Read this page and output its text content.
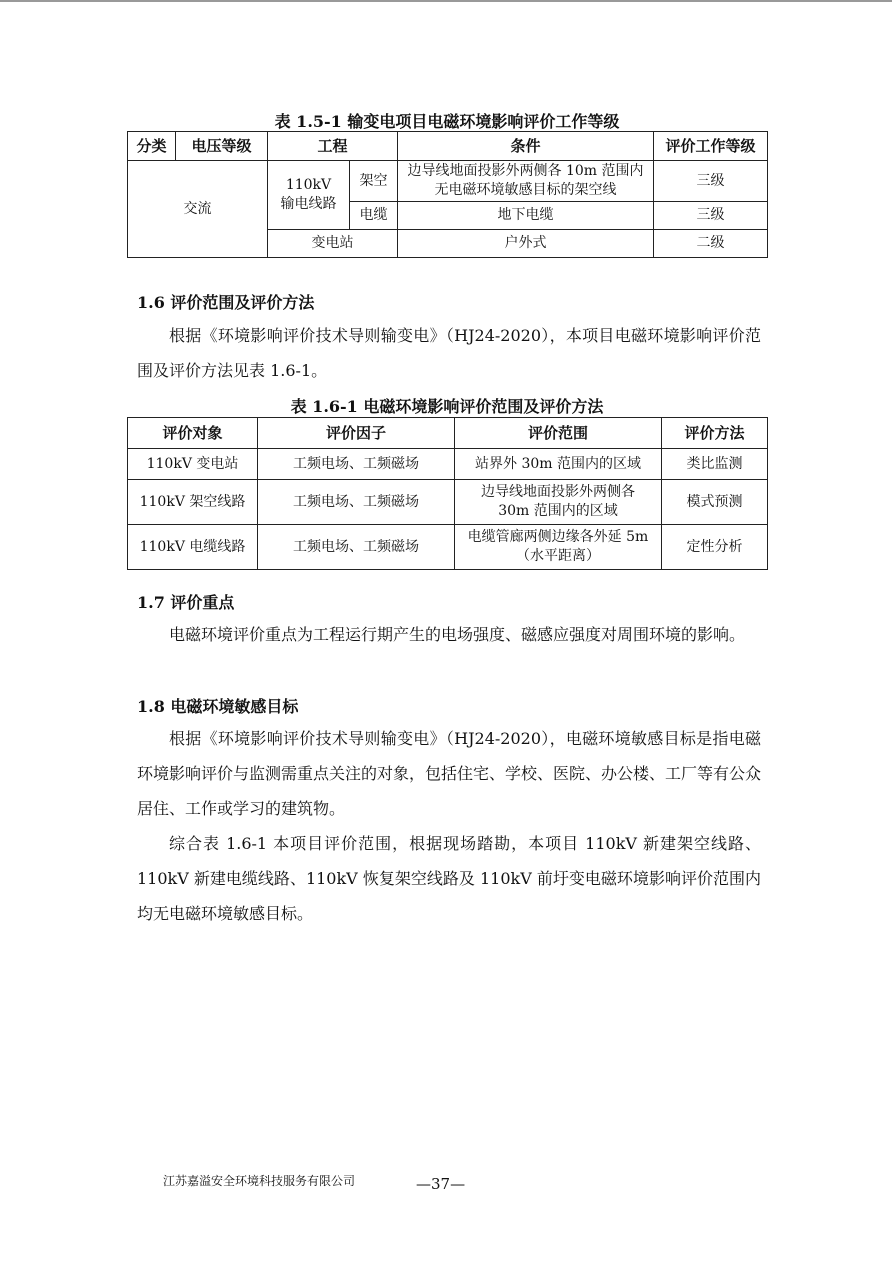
表 1.5-1 输变电项目电磁环境影响评价工作等级
分类	电压等级	工程		条件	评价工作等级
交流		110kV 输电线路	架空	边导线地面投影外两侧各 10m 范围内无电磁环境敏感目标的架空线	三级
			电缆	地下电缆	三级
		变电站		户外式	二级
1.6 评价范围及评价方法

根据《环境影响评价技术导则输变电》（HJ24-2020），本项目电磁环境影响评价范围及评价方法见表 1.6-1。

表 1.6-1 电磁环境影响评价范围及评价方法
评价对象	评价因子	评价范围	评价方法
110kV 变电站	工频电场、工频磁场	站界外 30m 范围内的区域	类比监测
110kV 架空线路	工频电场、工频磁场	边导线地面投影外两侧各 30m 范围内的区域	模式预测
110kV 电缆线路	工频电场、工频磁场	电缆管廊两侧边缘各外延 5m（水平距离）	定性分析
1.7 评价重点

电磁环境评价重点为工程运行期产生的电场强度、磁感应强度对周围环境的影响。

1.8 电磁环境敏感目标

根据《环境影响评价技术导则输变电》（HJ24-2020），电磁环境敏感目标是指电磁环境影响评价与监测需重点关注的对象，包括住宅、学校、医院、办公楼、工厂等有公众居住、工作或学习的建筑物。

综合表 1.6-1 本项目评价范围，根据现场踏勘，本项目 110kV 新建架空线路、110kV 新建电缆线路、110kV 恢复架空线路及 110kV 前圩变电磁环境影响评价范围内均无电磁环境敏感目标。

江苏嘉溢安全环境科技服务有限公司	—37—
